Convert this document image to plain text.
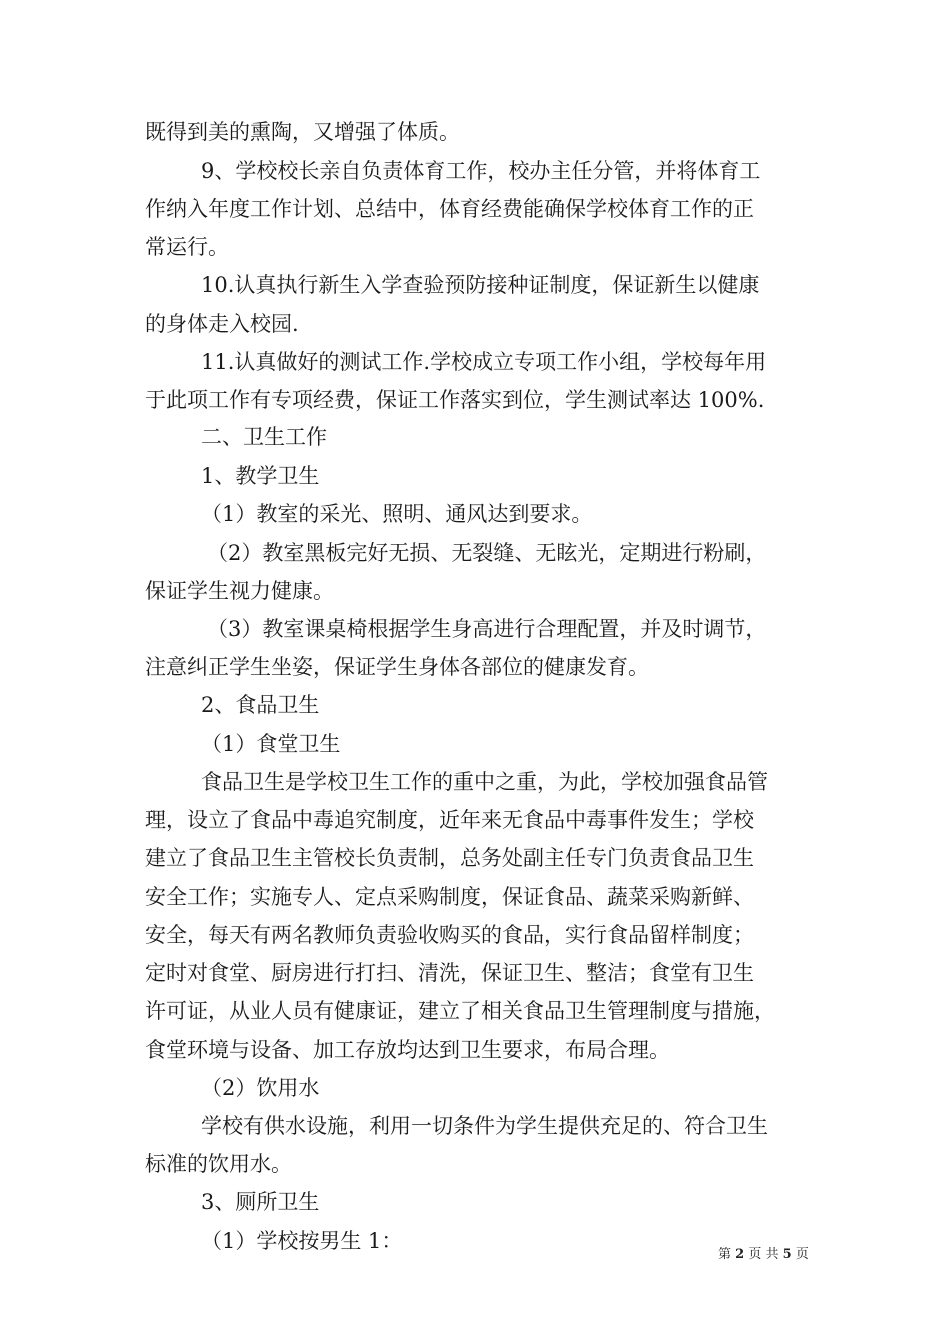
既得到美的熏陶，又增强了体质。
9、学校校长亲自负责体育工作，校办主任分管，并将体育工
作纳入年度工作计划、总结中，体育经费能确保学校体育工作的正
常运行。
10.认真执行新生入学查验预防接种证制度，保证新生以健康
的身体走入校园.
11.认真做好的测试工作.学校成立专项工作小组，学校每年用
于此项工作有专项经费，保证工作落实到位，学生测试率达 100%.
二、卫生工作
1、教学卫生
（1）教室的采光、照明、通风达到要求。
（2）教室黑板完好无损、无裂缝、无眩光，定期进行粉刷，
保证学生视力健康。
（3）教室课桌椅根据学生身高进行合理配置，并及时调节，
注意纠正学生坐姿，保证学生身体各部位的健康发育。
2、食品卫生
（1）食堂卫生
食品卫生是学校卫生工作的重中之重，为此，学校加强食品管
理，设立了食品中毒追究制度，近年来无食品中毒事件发生；学校
建立了食品卫生主管校长负责制，总务处副主任专门负责食品卫生
安全工作；实施专人、定点采购制度，保证食品、蔬菜采购新鲜、
安全，每天有两名教师负责验收购买的食品，实行食品留样制度；
定时对食堂、厨房进行打扫、清洗，保证卫生、整洁；食堂有卫生
许可证，从业人员有健康证，建立了相关食品卫生管理制度与措施，
食堂环境与设备、加工存放均达到卫生要求，布局合理。
（2）饮用水
学校有供水设施，利用一切条件为学生提供充足的、符合卫生
标准的饮用水。
3、厕所卫生
（1）学校按男生 1：
第 2 页 共 5 页
